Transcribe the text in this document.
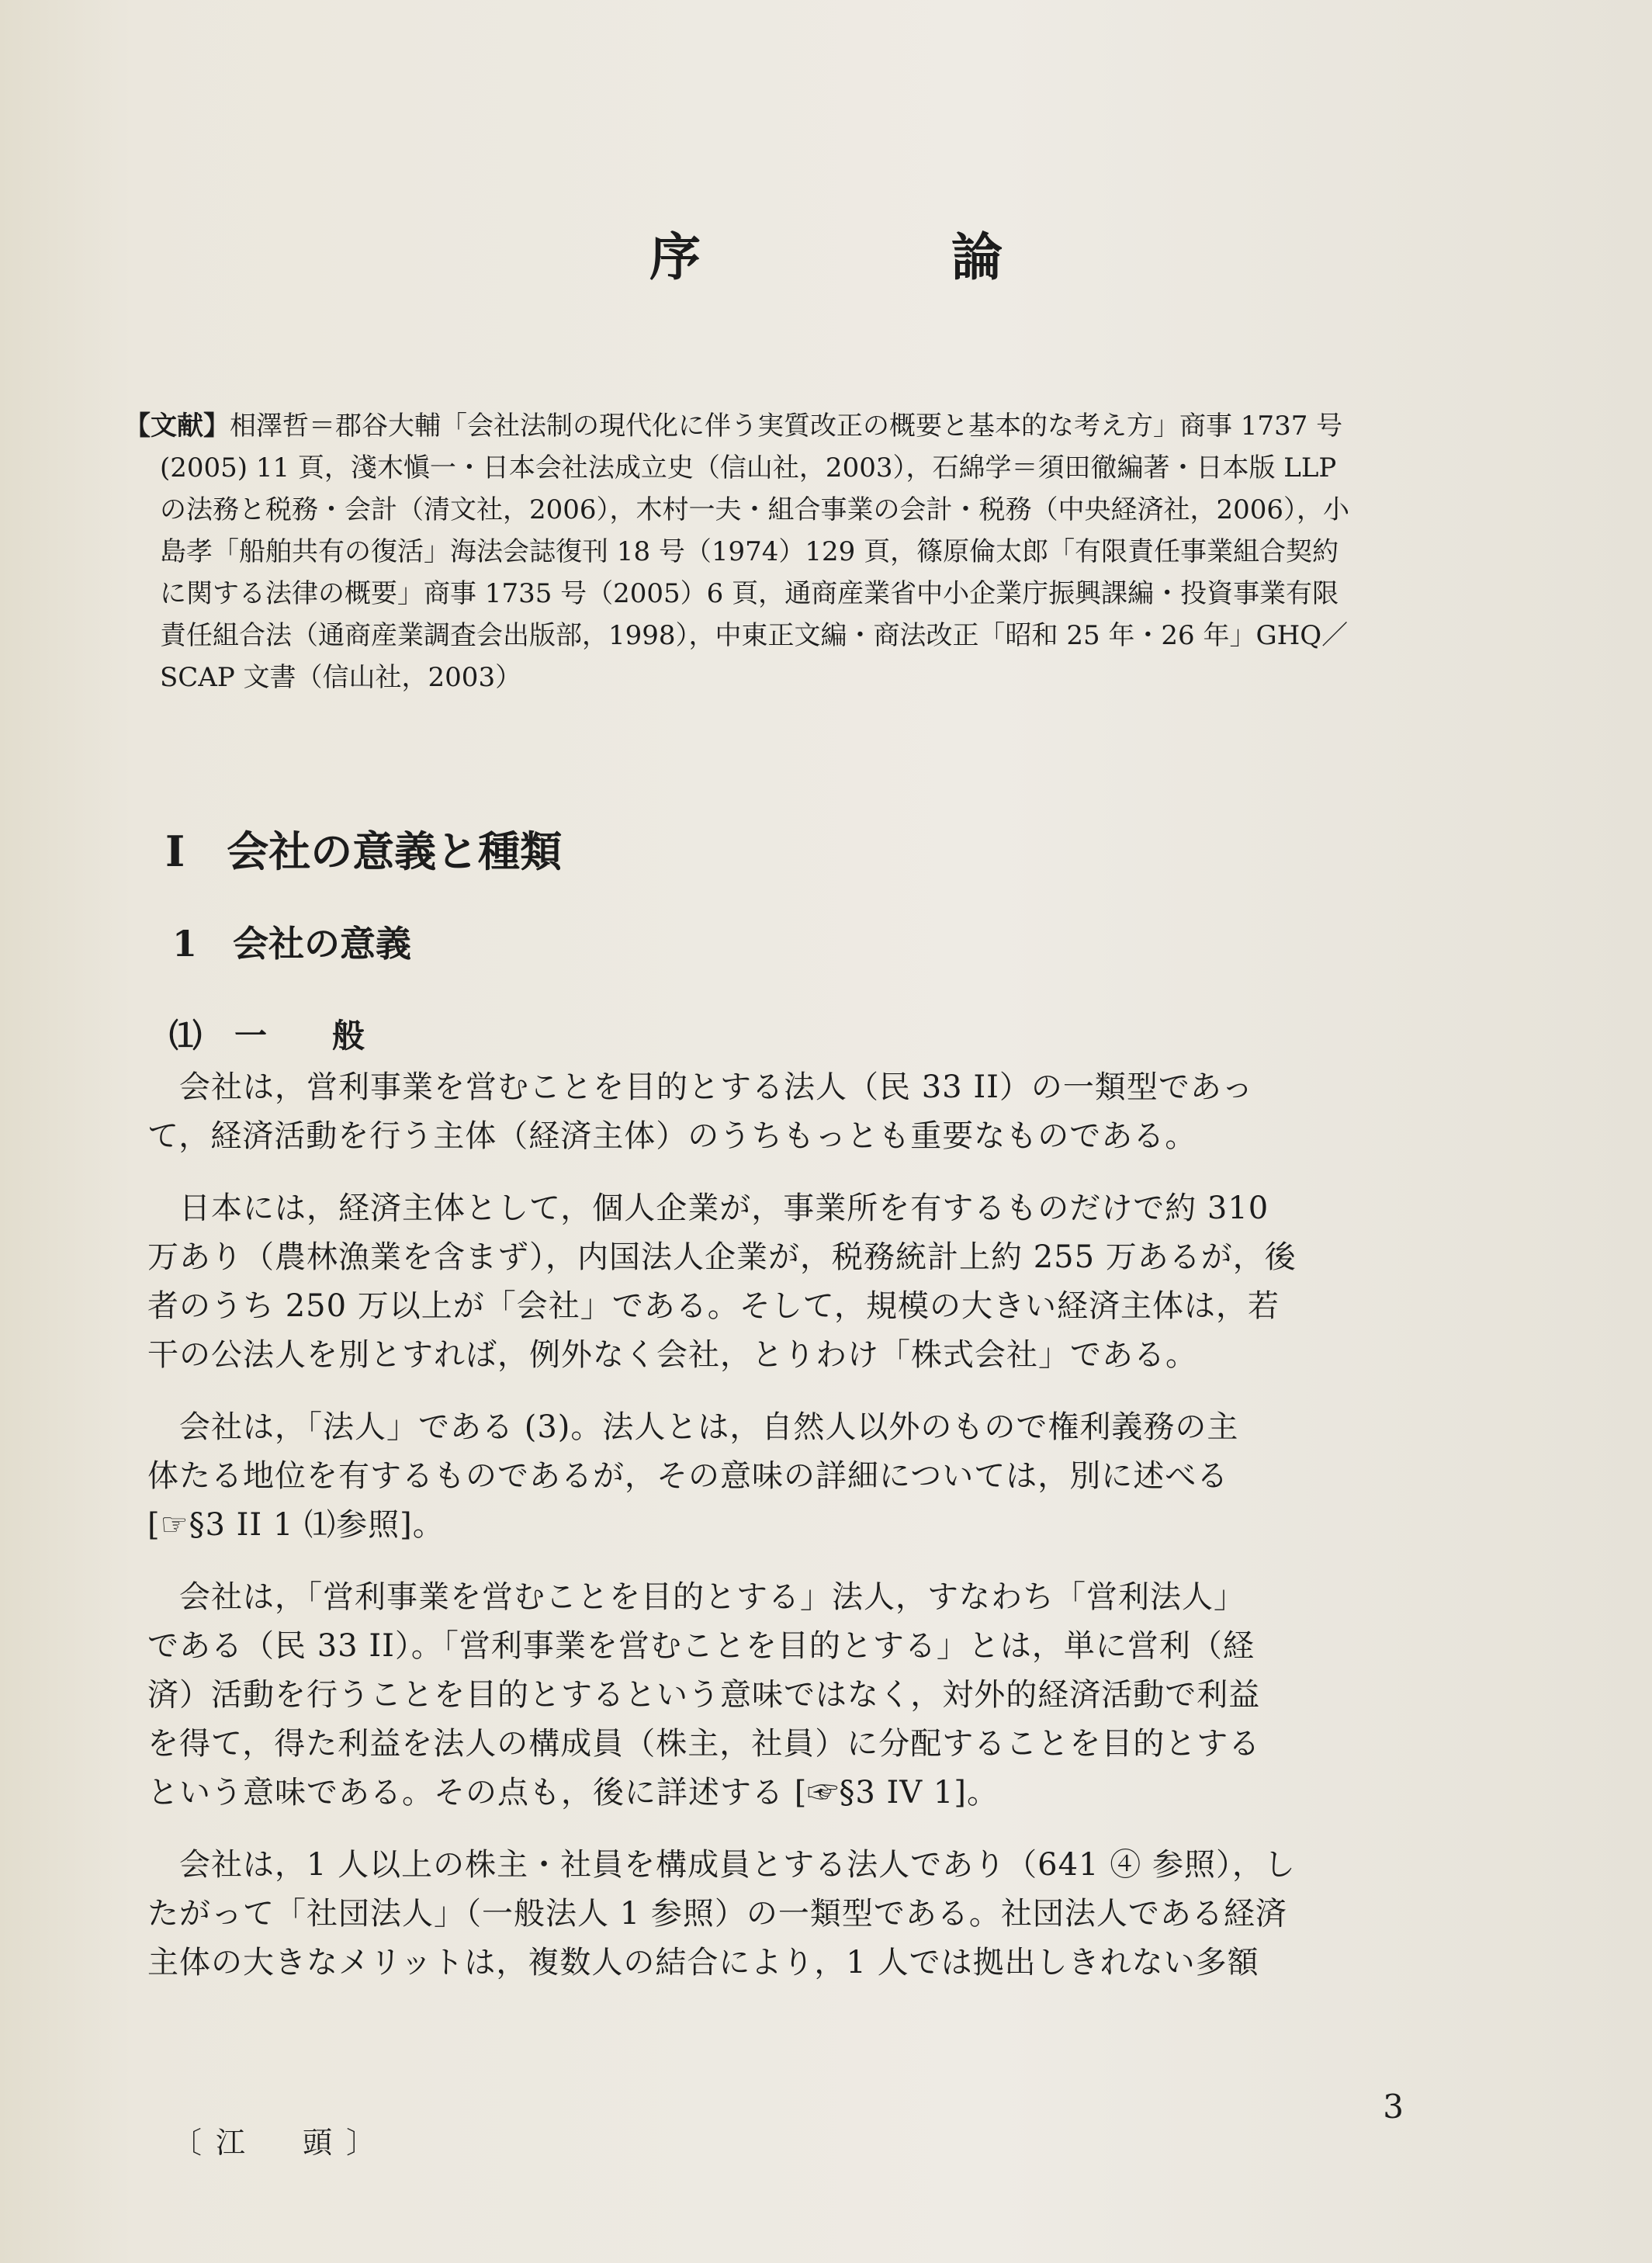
序 論
【文献】相澤哲＝郡谷大輔「会社法制の現代化に伴う実質改正の概要と基本的な考え方」商事 1737 号
(2005) 11 頁，淺木愼一・日本会社法成立史（信山社，2003），石綿学＝須田徹編著・日本版 LLP
の法務と税務・会計（清文社，2006），木村一夫・組合事業の会計・税務（中央経済社，2006），小
島孝「船舶共有の復活」海法会誌復刊 18 号（1974）129 頁，篠原倫太郎「有限責任事業組合契約
に関する法律の概要」商事 1735 号（2005）6 頁，通商産業省中小企業庁振興課編・投資事業有限
責任組合法（通商産業調査会出版部，1998），中東正文編・商法改正「昭和 25 年・26 年」GHQ／
SCAP 文書（信山社，2003）
I　会社の意義と種類
1　会社の意義
⑴　一　　般
　会社は，営利事業を営むことを目的とする法人（民 33 II）の一類型であっ
て，経済活動を行う主体（経済主体）のうちもっとも重要なものである。
　日本には，経済主体として，個人企業が，事業所を有するものだけで約 310
万あり（農林漁業を含まず），内国法人企業が，税務統計上約 255 万あるが，後
者のうち 250 万以上が「会社」である。そして，規模の大きい経済主体は，若
干の公法人を別とすれば，例外なく会社，とりわけ「株式会社」である。
　会社は，「法人」である (3)。法人とは，自然人以外のもので権利義務の主
体たる地位を有するものであるが，その意味の詳細については，別に述べる
[☞§3 II 1 ⑴参照]。
　会社は，「営利事業を営むことを目的とする」法人，すなわち「営利法人」
である（民 33 II）。「営利事業を営むことを目的とする」とは，単に営利（経
済）活動を行うことを目的とするという意味ではなく，対外的経済活動で利益
を得て，得た利益を法人の構成員（株主，社員）に分配することを目的とする
という意味である。その点も，後に詳述する [☞§3 IV 1]。
　会社は，1 人以上の株主・社員を構成員とする法人であり（641 ④ 参照），し
たがって「社団法人」（一般法人 1 参照）の一類型である。社団法人である経済
主体の大きなメリットは，複数人の結合により，1 人では拠出しきれない多額
3
〔江　頭〕
